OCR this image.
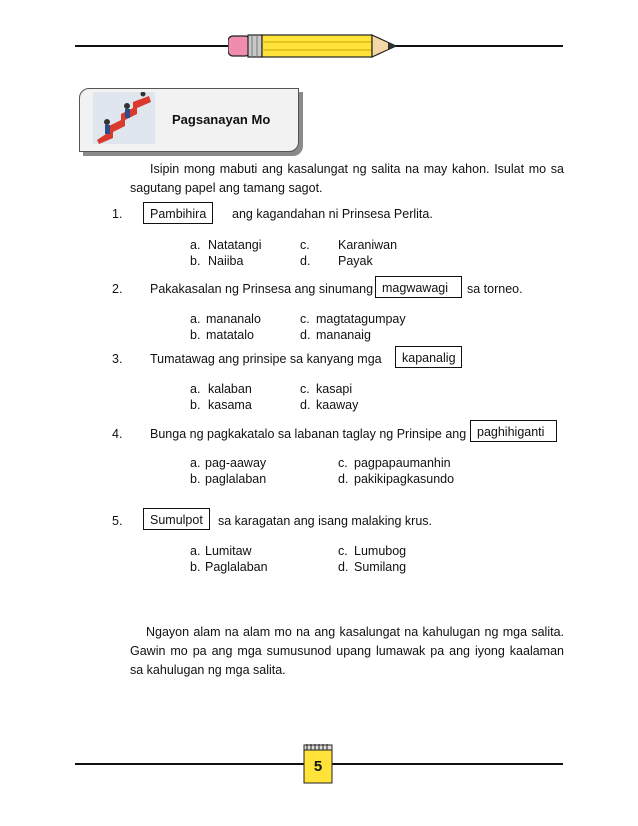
Pagsanayan Mo
Isipin mong mabuti ang kasalungat ng salita na may kahon. Isulat mo sa sagutang papel ang tamang sagot.
1.	Pambihira	ang kagandahan ni Prinsesa Perlita.
a. Natatangi
b. Naiiba
c. Karaniwan
d. Payak
2. Pakakasalan ng Prinsesa ang sinumang magwawagi	sa torneo.
a. mananalo
b. matatalo
c. magtatagumpay
d. mananaig
3. Tumatawag ang prinsipe sa kanyang mga	kapanalig
a. kalaban
b. kasama
c. kasapi
d. kaaway
4. Bunga ng pagkakatalo sa labanan taglay ng Prinsipe ang paghihiganti
a. pag-aaway
b. paglalaban
c. pagpapaumanhin
d. pakikipagkasundo
5.	Sumulpot	sa karagatan ang isang malaking krus.
a. Lumitaw
b. Paglalaban
c. Lumubog
d. Sumilang
Ngayon alam na alam mo na ang kasalungat na kahulugan ng mga salita. Gawin mo pa ang mga sumusunod upang lumawak pa ang iyong kaalaman sa kahulugan ng mga salita.
5
